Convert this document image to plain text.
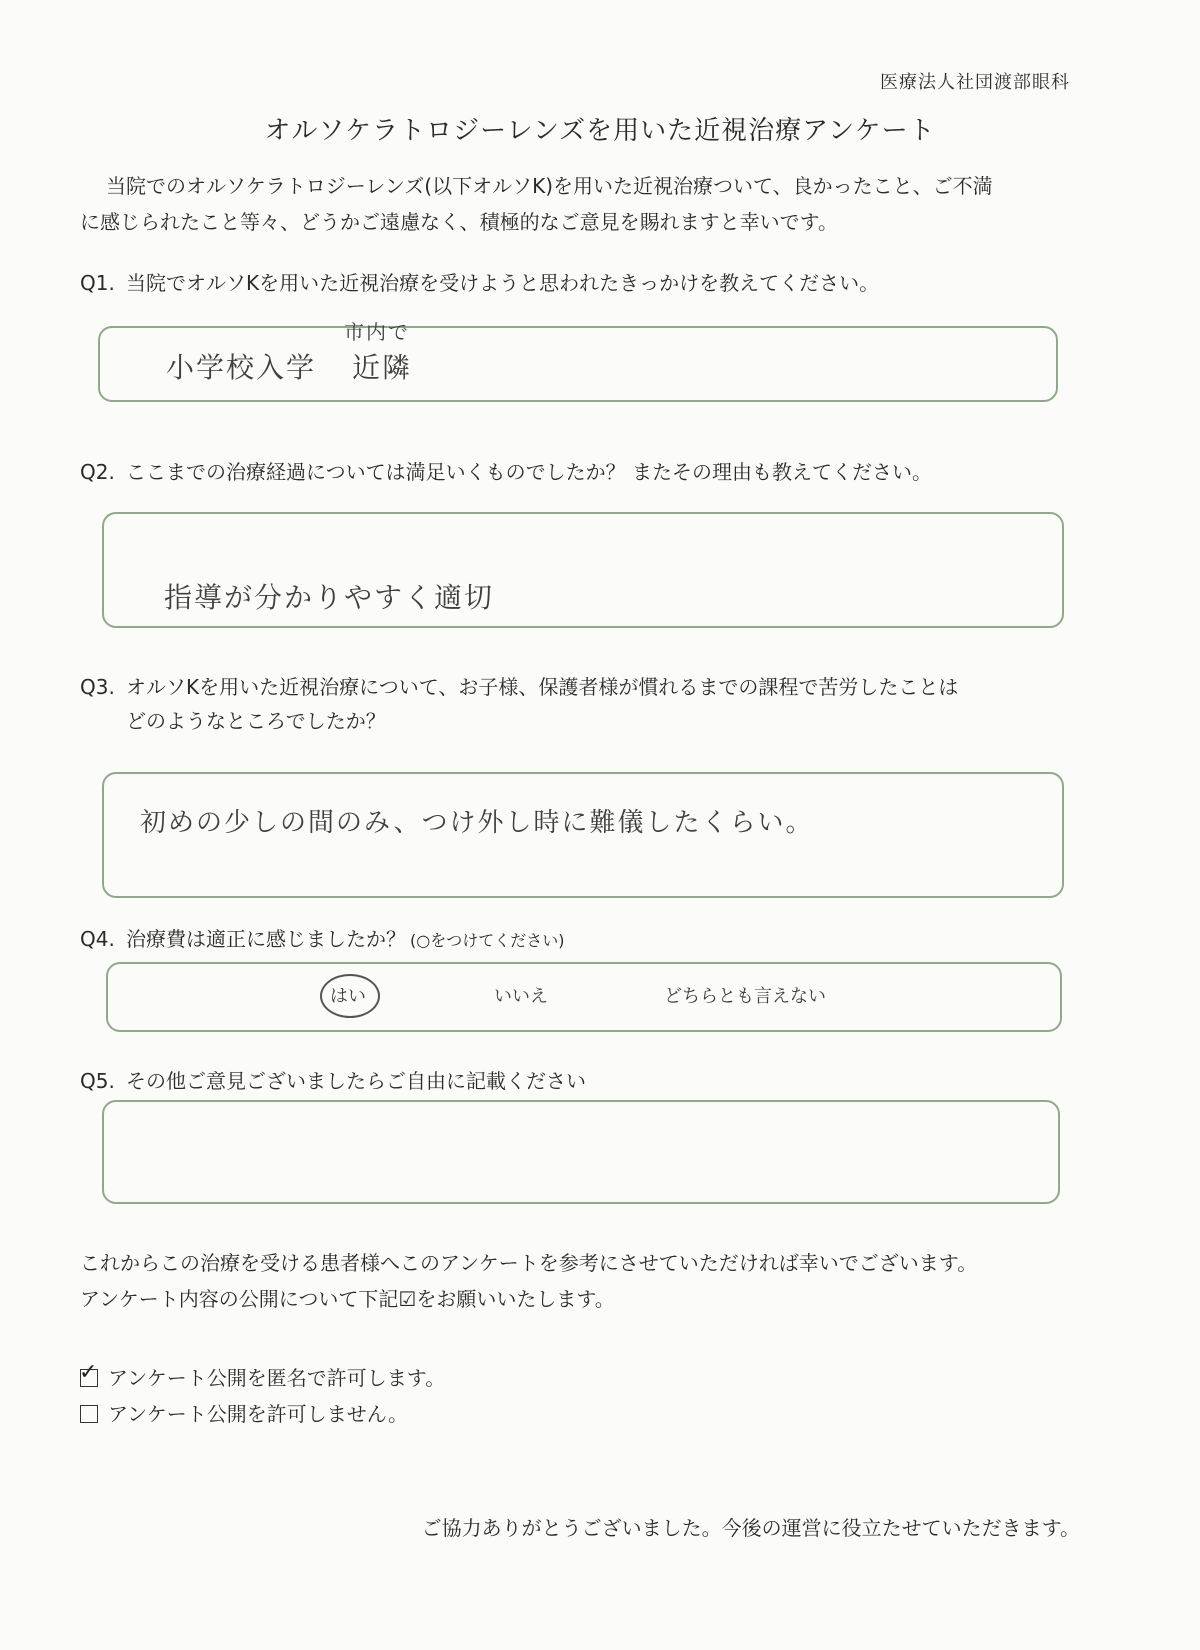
医療法人社団渡部眼科
オルソケラトロジーレンズを用いた近視治療アンケート

当院でのオルソケラトロジーレンズ(以下オルソK)を用いた近視治療ついて、良かったこと、ご不満

に感じられたこと等々、どうかご遠慮なく、積極的なご意見を賜れますと幸いです。

Q1. 当院でオルソKを用いた近視治療を受けようと思われたきっかけを教えてください。
小学校入学
市内で
近隣
Q2. ここまでの治療経過については満足いくものでしたか？ またその理由も教えてください。
指導が分かりやすく適切
Q3. オルソKを用いた近視治療について、お子様、保護者様が慣れるまでの課程で苦労したことは
どのようなところでしたか？
初めの少しの間のみ、つけ外し時に難儀したくらい。
Q4. 治療費は適正に感じましたか？ (○をつけてください)
はい	いいえ	どちらとも言えない
Q5. その他ご意見ございましたらご自由に記載ください
これからこの治療を受ける患者様へこのアンケートを参考にさせていただければ幸いでございます。
アンケート内容の公開について下記☑をお願いいたします。
✓ アンケート公開を匿名で許可します。
アンケート公開を許可しません。
ご協力ありがとうございました。今後の運営に役立たせていただきます。
